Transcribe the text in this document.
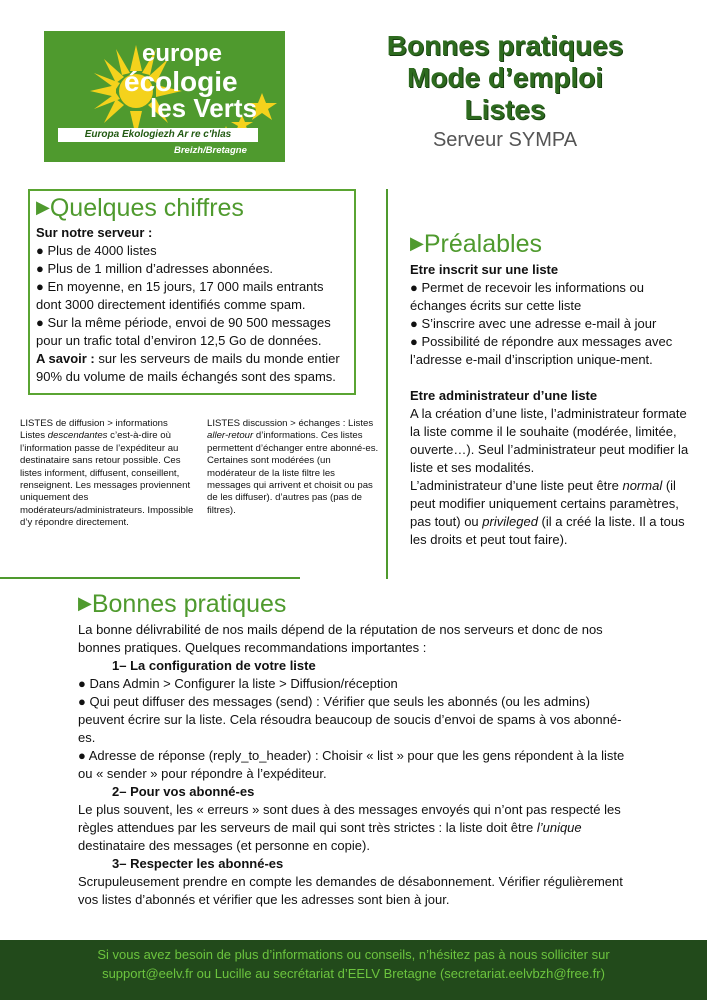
europe
écologie
les Verts
Europa Ekologiezh Ar re c'hlas
Breizh/Bretagne
Bonnes pratiques
Mode d’emploi
Listes
Serveur SYMPA
▶Quelques chiffres

Sur notre serveur :

● Plus de 4000 listes

● Plus de 1 million d’adresses abonnées.

● En moyenne, en 15 jours, 17 000 mails entrants dont 3000 directement identifiés comme spam.

● Sur la même période, envoi de 90 500 messages pour un trafic total d’environ 12,5 Go de données.

A savoir : sur les serveurs de mails du monde entier 90% du volume de mails échangés sont des spams.

LISTES de diffusion > informations

Listes descendantes c’est-à-dire où l’information passe de l’expéditeur au destinataire sans retour possible. Ces listes informent, diffusent, conseillent, renseignent. Les messages proviennent uniquement des modérateurs/administrateurs. Impossible d’y répondre directement.

LISTES discussion > échanges : Listes aller-retour d’informations. Ces listes permettent d’échanger entre abonné-es. Certaines sont modérées (un modérateur de la liste filtre les messages qui arrivent et choisit ou pas de les diffuser). d’autres pas (pas de filtres).

▶Préalables

Etre inscrit sur une liste

● Permet de recevoir les informations ou échanges écrits sur cette liste

● S’inscrire avec une adresse e-mail à jour

● Possibilité de répondre aux messages avec l’adresse e-mail d’inscription unique-ment.

Etre administrateur d’une liste

A la création d’une liste, l’administrateur formate la liste comme il le souhaite (modérée, limitée, ouverte…). Seul l’administrateur peut modifier la liste et ses modalités.

L’administrateur d’une liste peut être normal (il peut modifier uniquement certains paramètres, pas tout) ou privileged (il a créé la liste. Il a tous les droits et peut tout faire).

▶Bonnes pratiques

La bonne délivrabilité de nos mails dépend de la réputation de nos serveurs et donc de nos bonnes pratiques. Quelques recommandations importantes :

1– La configuration de votre liste

● Dans Admin > Configurer la liste > Diffusion/réception

● Qui peut diffuser des messages (send) : Vérifier que seuls les abonnés (ou les admins) peuvent écrire sur la liste. Cela résoudra beaucoup de soucis d’envoi de spams à vos abonné-es.

● Adresse de réponse (reply_to_header) : Choisir « list » pour que les gens répondent à la liste ou « sender » pour répondre à l’expéditeur.

2– Pour vos abonné-es

Le plus souvent, les « erreurs » sont dues à des messages envoyés qui n’ont pas respecté les règles attendues par les serveurs de mail qui sont très strictes : la liste doit être l’unique destinataire des messages (et personne en copie).

3– Respecter les abonné-es

Scrupuleusement prendre en compte les demandes de désabonnement. Vérifier régulièrement vos listes d’abonnés et vérifier que les adresses sont bien à jour.

Si vous avez besoin de plus d’informations ou conseils, n’hésitez pas à nous solliciter sur

support@eelv.fr ou Lucille au secrétariat d’EELV Bretagne (secretariat.eelvbzh@free.fr)
